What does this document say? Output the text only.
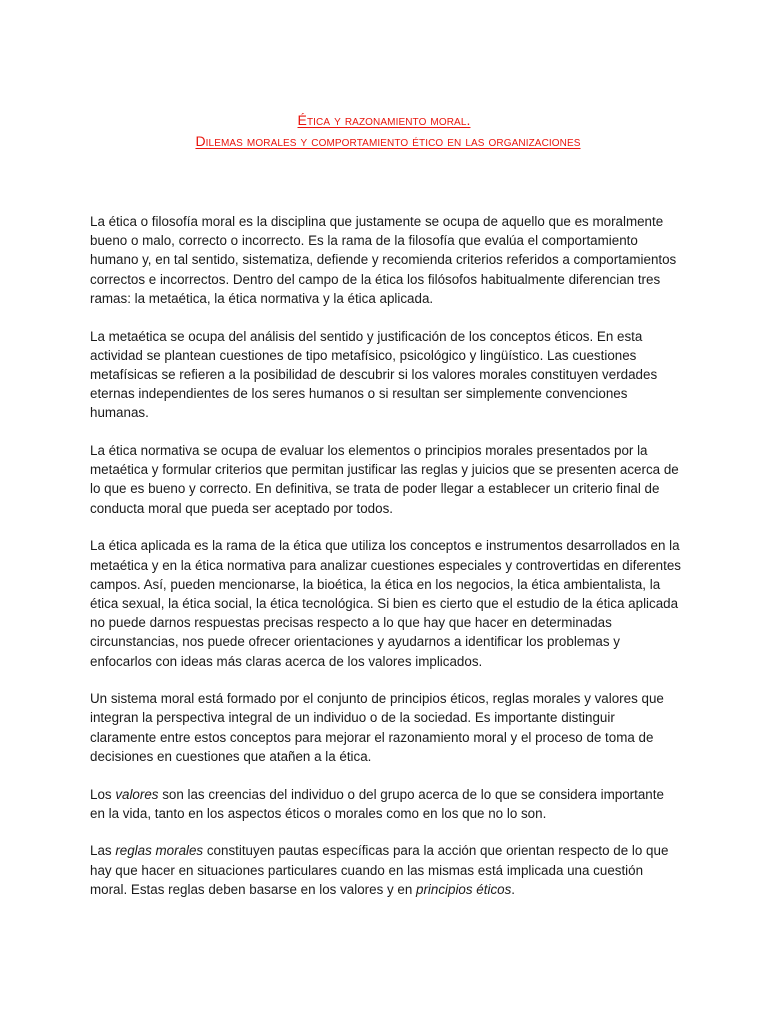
Ética y razonamiento moral.
Dilemas morales y comportamiento ético en las organizaciones

La ética o filosofía moral es la disciplina que justamente se ocupa de aquello que es moralmente bueno o malo, correcto o incorrecto. Es la rama de la filosofía que evalúa el comportamiento humano y, en tal sentido, sistematiza, defiende y recomienda criterios referidos a comportamientos correctos e incorrectos. Dentro del campo de la ética los filósofos habitualmente diferencian tres ramas: la metaética, la ética normativa y la ética aplicada.

La metaética se ocupa del análisis del sentido y justificación de los conceptos éticos. En esta actividad se plantean cuestiones de tipo metafísico, psicológico y lingüístico. Las cuestiones metafísicas se refieren a la posibilidad de descubrir si los valores morales constituyen verdades eternas independientes de los seres humanos o si resultan ser simplemente convenciones humanas.

La ética normativa se ocupa de evaluar los elementos o principios morales presentados por la metaética y formular criterios que permitan justificar las reglas y juicios que se presenten acerca de lo que es bueno y correcto. En definitiva, se trata de poder llegar a establecer un criterio final de conducta moral que pueda ser aceptado por todos.

La ética aplicada es la rama de la ética que utiliza los conceptos e instrumentos desarrollados en la metaética y en la ética normativa para analizar cuestiones especiales y controvertidas en diferentes campos. Así, pueden mencionarse, la bioética, la ética en los negocios, la ética ambientalista, la ética sexual, la ética social, la ética tecnológica. Si bien es cierto que el estudio de la ética aplicada no puede darnos respuestas precisas respecto a lo que hay que hacer en determinadas circunstancias, nos puede ofrecer orientaciones y ayudarnos a identificar los problemas y enfocarlos con ideas más claras acerca de los valores implicados.

Un sistema moral está formado por el conjunto de principios éticos, reglas morales y valores que integran la perspectiva integral de un individuo o de la sociedad. Es importante distinguir claramente entre estos conceptos para mejorar el razonamiento moral y el proceso de toma de decisiones en cuestiones que atañen a la ética.

Los valores son las creencias del individuo o del grupo acerca de lo que se considera importante en la vida, tanto en los aspectos éticos o morales como en los que no lo son.

Las reglas morales constituyen pautas específicas para la acción que orientan respecto de lo que hay que hacer en situaciones particulares cuando en las mismas está implicada una cuestión moral. Estas reglas deben basarse en los valores y en principios éticos.
